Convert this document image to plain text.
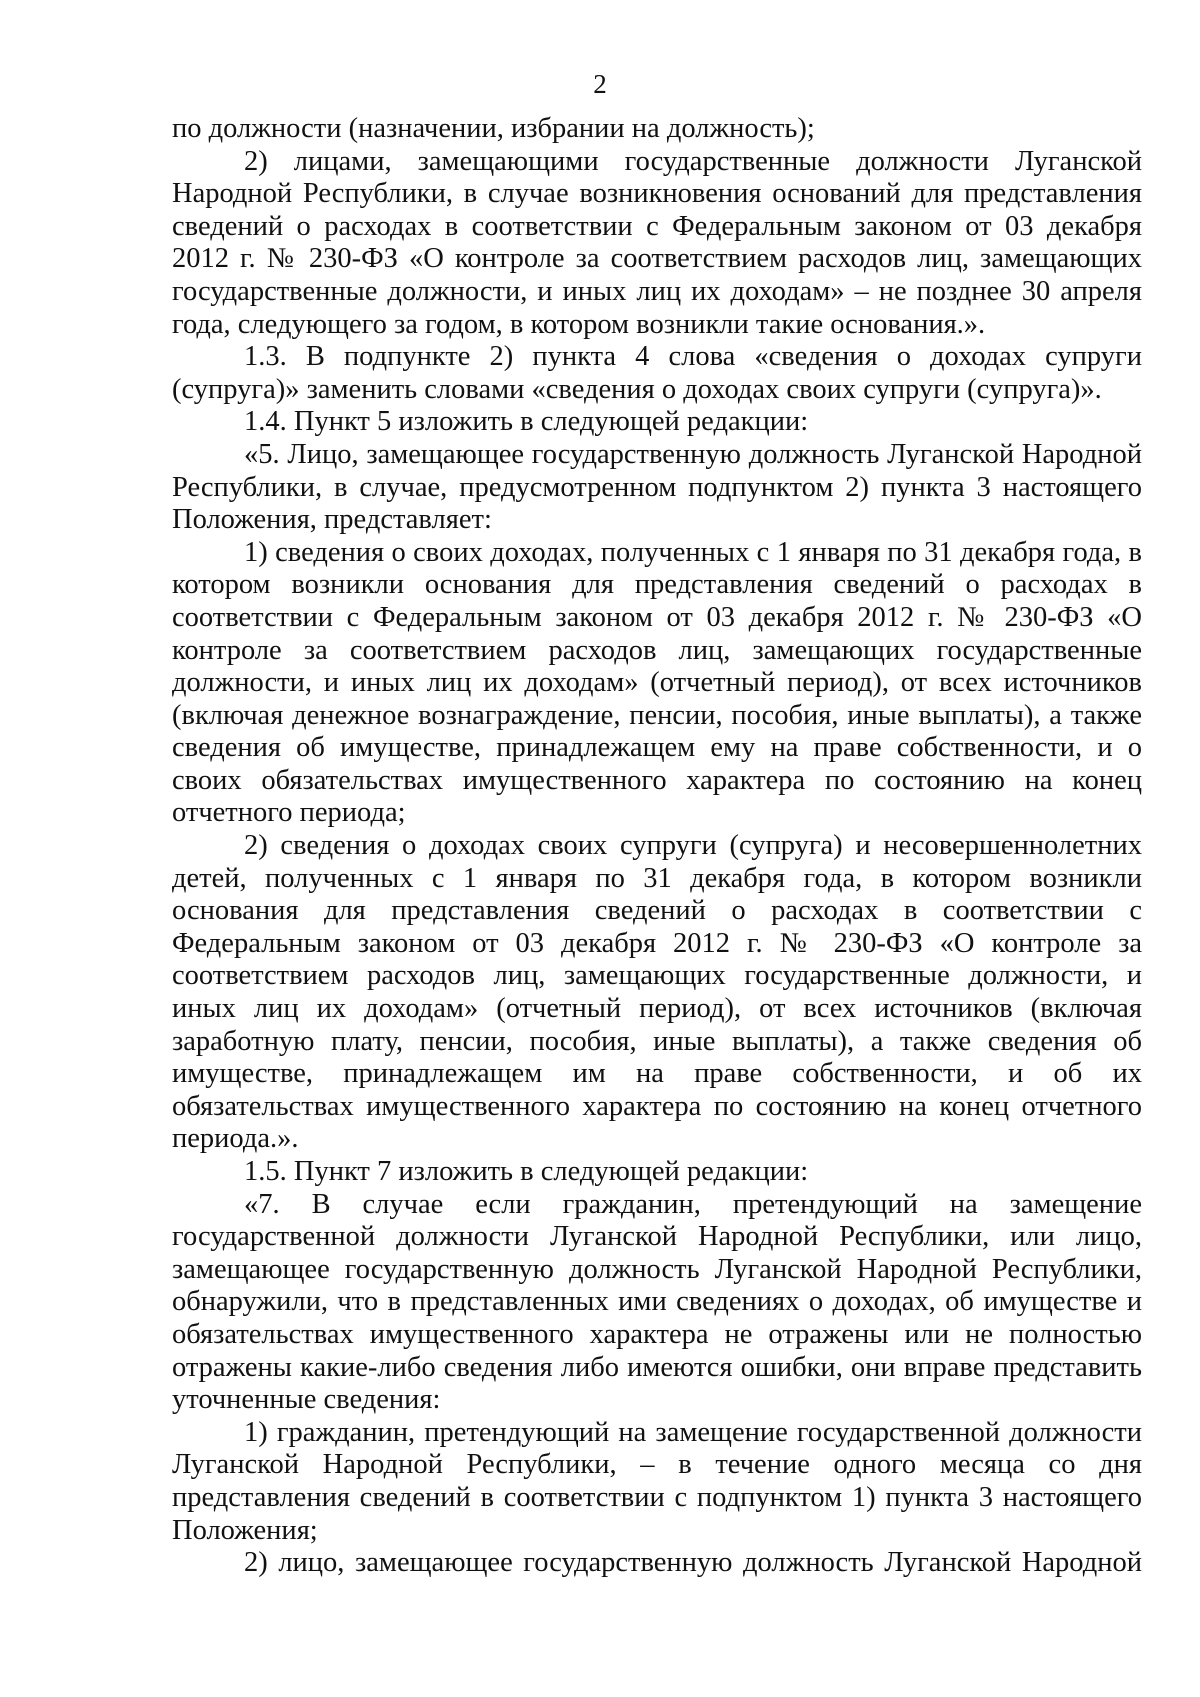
2

по должности (назначении, избрании на должность);

2) лицами, замещающими государственные должности Луганской Народной Республики, в случае возникновения оснований для представления сведений о расходах в соответствии с Федеральным законом от 03 декабря 2012 г. № 230-ФЗ «О контроле за соответствием расходов лиц, замещающих государственные должности, и иных лиц их доходам» – не позднее 30 апреля года, следующего за годом, в котором возникли такие основания.».

1.3. В подпункте 2) пункта 4 слова «сведения о доходах супруги (супруга)» заменить словами «сведения о доходах своих супруги (супруга)».

1.4. Пункт 5 изложить в следующей редакции:

«5. Лицо, замещающее государственную должность Луганской Народной Республики, в случае, предусмотренном подпунктом 2) пункта 3 настоящего Положения, представляет:

1) сведения о своих доходах, полученных с 1 января по 31 декабря года, в котором возникли основания для представления сведений о расходах в соответствии с Федеральным законом от 03 декабря 2012 г. № 230-ФЗ «О контроле за соответствием расходов лиц, замещающих государственные должности, и иных лиц их доходам» (отчетный период), от всех источников (включая денежное вознаграждение, пенсии, пособия, иные выплаты), а также сведения об имуществе, принадлежащем ему на праве собственности, и о своих обязательствах имущественного характера по состоянию на конец отчетного периода;

2) сведения о доходах своих супруги (супруга) и несовершеннолетних детей, полученных с 1 января по 31 декабря года, в котором возникли основания для представления сведений о расходах в соответствии с Федеральным законом от 03 декабря 2012 г. № 230-ФЗ «О контроле за соответствием расходов лиц, замещающих государственные должности, и иных лиц их доходам» (отчетный период), от всех источников (включая заработную плату, пенсии, пособия, иные выплаты), а также сведения об имуществе, принадлежащем им на праве собственности, и об их обязательствах имущественного характера по состоянию на конец отчетного периода.».

1.5. Пункт 7 изложить в следующей редакции:

«7. В случае если гражданин, претендующий на замещение государственной должности Луганской Народной Республики, или лицо, замещающее государственную должность Луганской Народной Республики, обнаружили, что в представленных ими сведениях о доходах, об имуществе и обязательствах имущественного характера не отражены или не полностью отражены какие-либо сведения либо имеются ошибки, они вправе представить уточненные сведения:

1) гражданин, претендующий на замещение государственной должности Луганской Народной Республики, – в течение одного месяца со дня представления сведений в соответствии с подпунктом 1) пункта 3 настоящего Положения;

2) лицо, замещающее государственную должность Луганской Народной
